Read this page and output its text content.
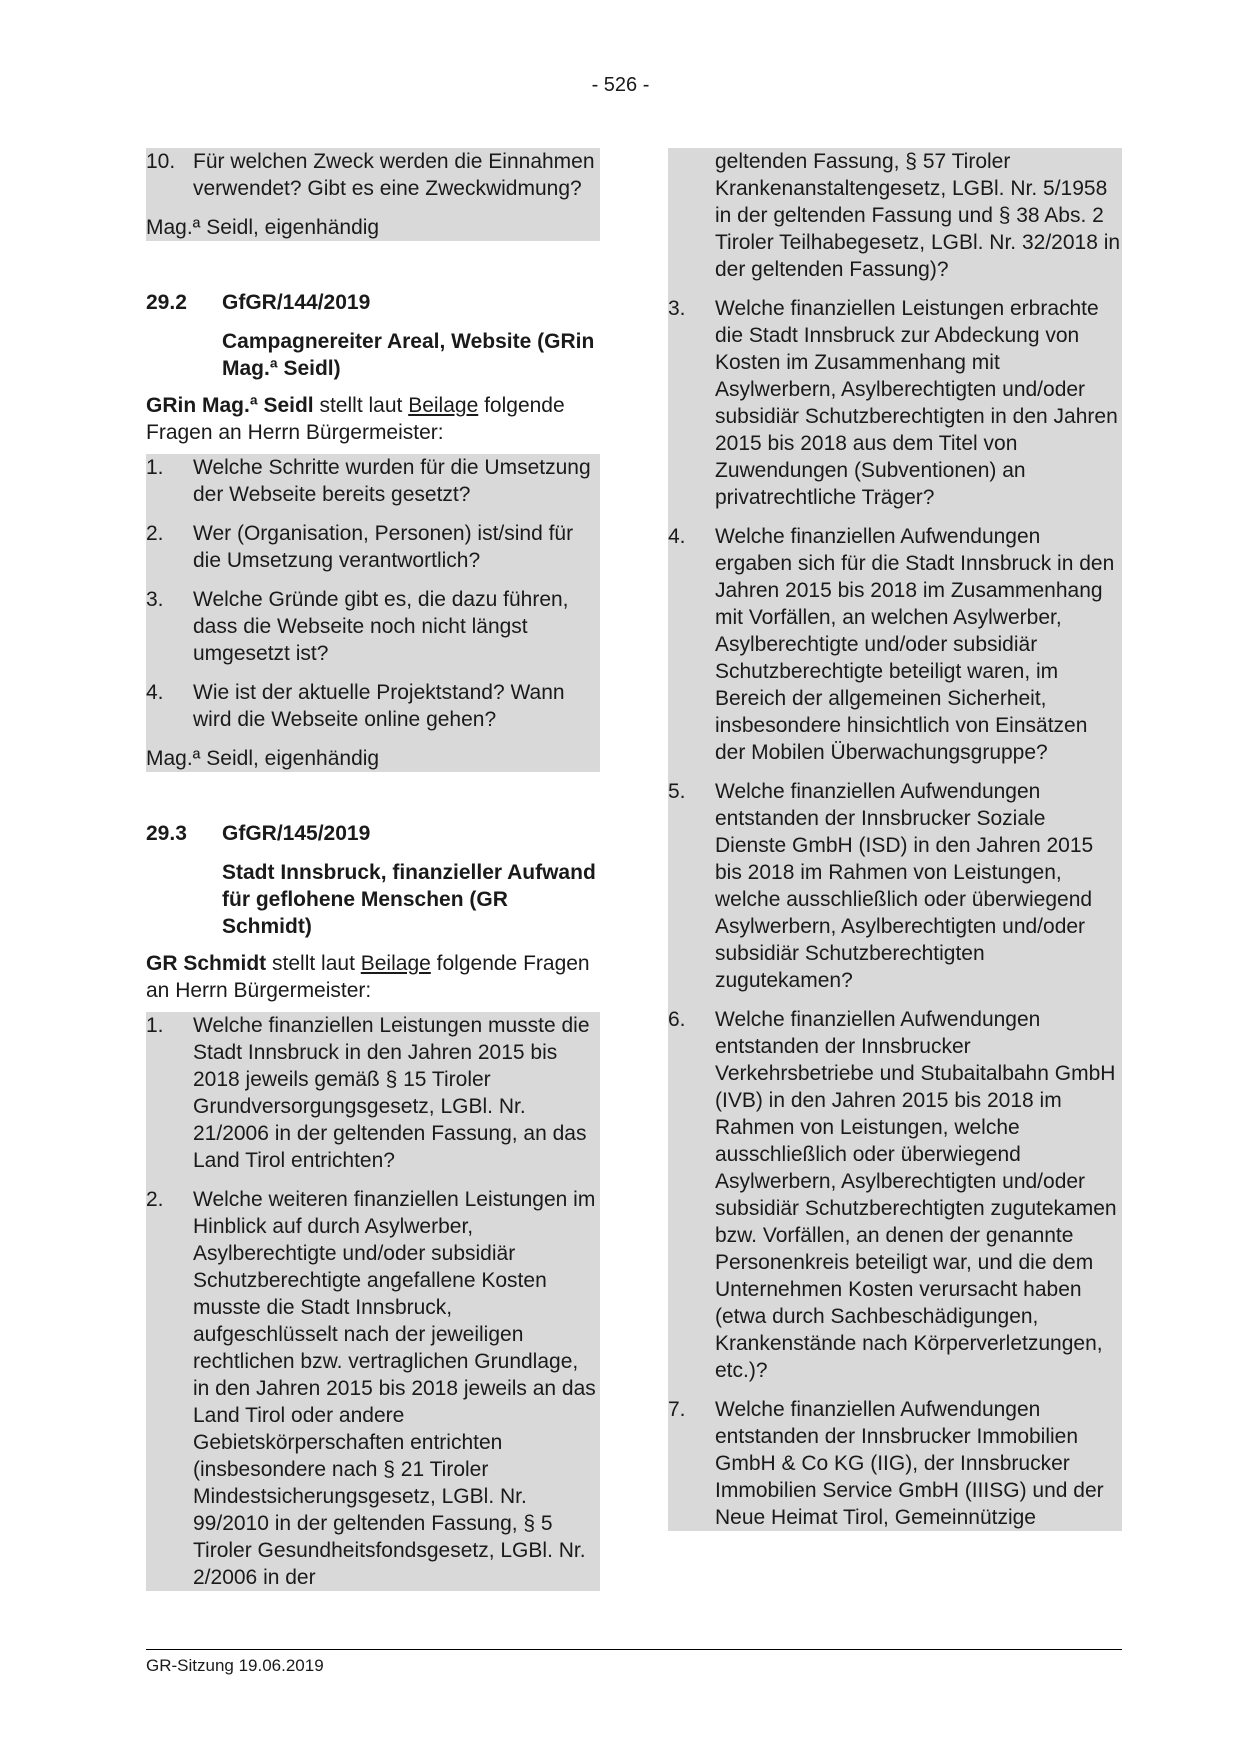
- 526 -
10. Für welchen Zweck werden die Einnahmen verwendet? Gibt es eine Zweckwidmung?
Mag.ª Seidl, eigenhändig
29.2	GfGR/144/2019
Campagnereiter Areal, Website (GRin Mag.ª Seidl)
GRin Mag.ª Seidl stellt laut Beilage folgende Fragen an Herrn Bürgermeister:
1.	Welche Schritte wurden für die Umsetzung der Webseite bereits gesetzt?
2.	Wer (Organisation, Personen) ist/sind für die Umsetzung verantwortlich?
3.	Welche Gründe gibt es, die dazu führen, dass die Webseite noch nicht längst umgesetzt ist?
4.	Wie ist der aktuelle Projektstand? Wann wird die Webseite online gehen?
Mag.ª Seidl, eigenhändig
29.3	GfGR/145/2019
Stadt Innsbruck, finanzieller Aufwand für geflohene Menschen (GR Schmidt)
GR Schmidt stellt laut Beilage folgende Fragen an Herrn Bürgermeister:
1.	Welche finanziellen Leistungen musste die Stadt Innsbruck in den Jahren 2015 bis 2018 jeweils gemäß § 15 Tiroler Grundversorgungsgesetz, LGBl. Nr. 21/2006 in der geltenden Fassung, an das Land Tirol entrichten?
2.	Welche weiteren finanziellen Leistungen im Hinblick auf durch Asylwerber, Asylberechtigte und/oder subsidiär Schutzberechtigte angefallene Kosten musste die Stadt Innsbruck, aufgeschlüsselt nach der jeweiligen rechtlichen bzw. vertraglichen Grundlage, in den Jahren 2015 bis 2018 jeweils an das Land Tirol oder andere Gebietskörperschaften entrichten (insbesondere nach § 21 Tiroler Mindestsicherungsgesetz, LGBl. Nr. 99/2010 in der geltenden Fassung, § 5 Tiroler Gesundheitsfondsgesetz, LGBl. Nr. 2/2006 in der
geltenden Fassung, § 57 Tiroler Krankenanstaltengesetz, LGBl. Nr. 5/1958 in der geltenden Fassung und § 38 Abs. 2 Tiroler Teilhabegesetz, LGBl. Nr. 32/2018 in der geltenden Fassung)?
3.	Welche finanziellen Leistungen erbrachte die Stadt Innsbruck zur Abdeckung von Kosten im Zusammenhang mit Asylwerbern, Asylberechtigten und/oder subsidiär Schutzberechtigten in den Jahren 2015 bis 2018 aus dem Titel von Zuwendungen (Subventionen) an privatrechtliche Träger?
4.	Welche finanziellen Aufwendungen ergaben sich für die Stadt Innsbruck in den Jahren 2015 bis 2018 im Zusammenhang mit Vorfällen, an welchen Asylwerber, Asylberechtigte und/oder subsidiär Schutzberechtigte beteiligt waren, im Bereich der allgemeinen Sicherheit, insbesondere hinsichtlich von Einsätzen der Mobilen Überwachungsgruppe?
5.	Welche finanziellen Aufwendungen entstanden der Innsbrucker Soziale Dienste GmbH (ISD) in den Jahren 2015 bis 2018 im Rahmen von Leistungen, welche ausschließlich oder überwiegend Asylwerbern, Asylberechtigten und/oder subsidiär Schutzberechtigten zugutekamen?
6.	Welche finanziellen Aufwendungen entstanden der Innsbrucker Verkehrsbetriebe und Stubaitalbahn GmbH (IVB) in den Jahren 2015 bis 2018 im Rahmen von Leistungen, welche ausschließlich oder überwiegend Asylwerbern, Asylberechtigten und/oder subsidiär Schutzberechtigten zugutekamen bzw. Vorfällen, an denen der genannte Personenkreis beteiligt war, und die dem Unternehmen Kosten verursacht haben (etwa durch Sachbeschädigungen, Krankenstände nach Körperverletzungen, etc.)?
7.	Welche finanziellen Aufwendungen entstanden der Innsbrucker Immobilien GmbH & Co KG (IIG), der Innsbrucker Immobilien Service GmbH (IIISG) und der Neue Heimat Tirol, Gemeinnützige
GR-Sitzung 19.06.2019
